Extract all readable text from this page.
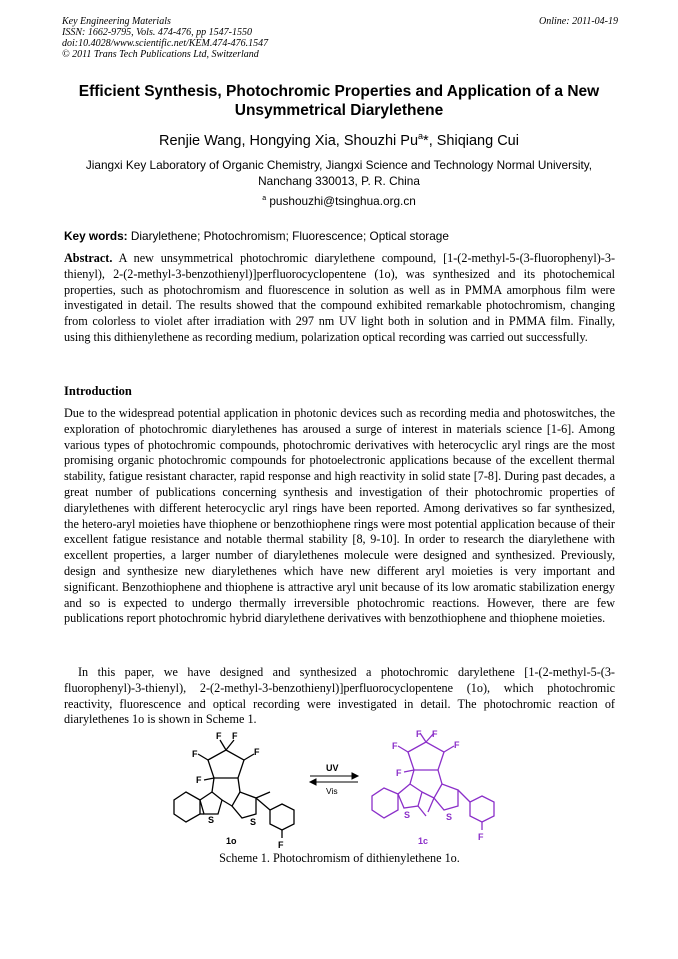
Key Engineering Materials
ISSN: 1662-9795, Vols. 474-476, pp 1547-1550
doi:10.4028/www.scientific.net/KEM.474-476.1547
© 2011 Trans Tech Publications Ltd, Switzerland
Online: 2011-04-19
Efficient Synthesis, Photochromic Properties and Application of a New
Unsymmetrical Diarylethene
Renjie Wang, Hongying Xia, Shouzhi Pu$^a$*, Shiqiang Cui
Jiangxi Key Laboratory of Organic Chemistry, Jiangxi Science and Technology Normal University,
Nanchang 330013, P. R. China
$^a$ pushouzhi@tsinghua.org.cn
Key words: Diarylethene; Photochromism; Fluorescence; Optical storage
Abstract. A new unsymmetrical photochromic diarylethene compound, [1-(2-methyl-5-(3-fluorophenyl)-3-thienyl), 2-(2-methyl-3-benzothienyl)]perfluorocyclopentene (1o), was synthesized and its photochemical properties, such as photochromism and fluorescence in solution as well as in PMMA amorphous film were investigated in detail. The results showed that the compound exhibited remarkable photochromism, changing from colorless to violet after irradiation with 297 nm UV light both in solution and in PMMA film. Finally, using this dithienylethene as recording medium, polarization optical recording was carried out successfully.
Introduction
Due to the widespread potential application in photonic devices such as recording media and photoswitches, the exploration of photochromic diarylethenes has aroused a surge of interest in materials science [1-6]. Among various types of photochromic compounds, photochromic derivatives with heterocyclic aryl rings are the most promising organic photochromic compounds for photoelectronic applications because of the excellent thermal stability, fatigue resistant character, rapid response and high reactivity in solid state [7-8]. During past decades, a great number of publications concerning synthesis and investigation of their photochromic properties of diarylethenes with different heterocyclic aryl rings have been reported. Among derivatives so far synthesized, the hetero-aryl moieties have thiophene or benzothiophene rings were most potential application because of their excellent fatigue resistance and notable thermal stability [8, 9-10]. In order to research the diarylethene with excellent properties, a larger number of diarylethenes molecule were designed and synthesized. Previously, design and synthesize new diarylethenes which have new different aryl moieties is very important and significant. Benzothiophene and thiophene is attractive aryl unit because of its low aromatic stabilization energy and so is expected to undergo thermally irreversible photochromic reactions. However, there are few publications report photochromic hybrid diarylethene derivatives with benzothiophene and thiophene moieties.
In this paper, we have designed and synthesized a photochromic darylethene [1-(2-methyl-5-(3-fluorophenyl)-3-thienyl), 2-(2-methyl-3-benzothienyl)]perfluorocyclopentene (1o), which photochromic reactivity, fluorescence and optical recording were investigated in detail. The photochromic reaction of diarylethenes 1o is shown in Scheme 1.
F
F F
F
F
S	S
F
1o
UV
Vis
F
F F
F
F
S	S
F
1c
Scheme 1. Photochromism of dithienylethene 1o.
